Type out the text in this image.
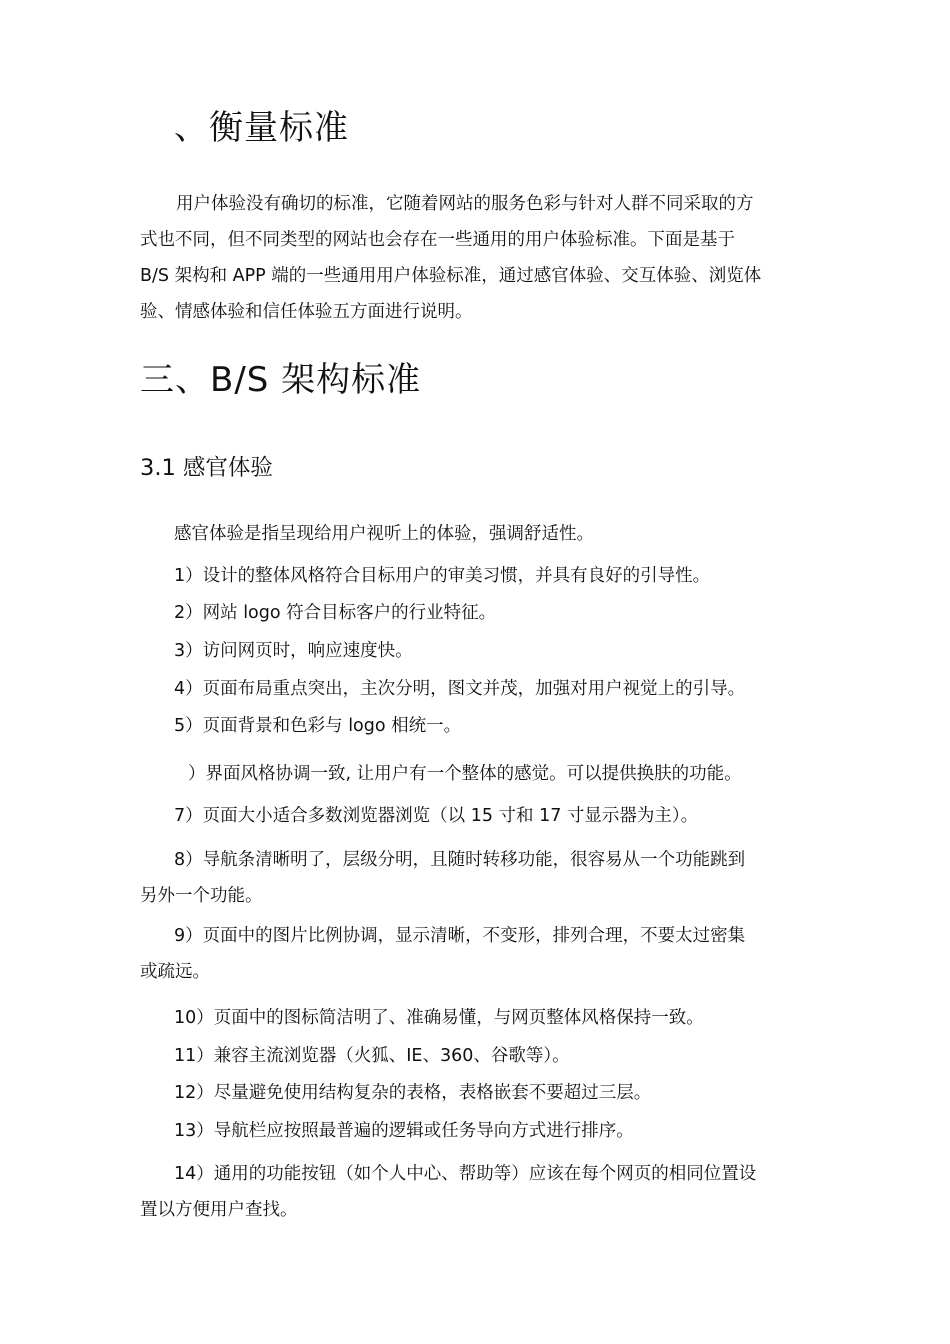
、衡量标准

用户体验没有确切的标准，它随着网站的服务色彩与针对人群不同采取的方
式也不同，但不同类型的网站也会存在一些通用的用户体验标准。下面是基于
B/S 架构和 APP 端的一些通用用户体验标准，通过感官体验、交互体验、浏览体
验、情感体验和信任体验五方面进行说明。

三、B/S 架构标准
3.1 感官体验

感官体验是指呈现给用户视听上的体验，强调舒适性。

1）设计的整体风格符合目标用户的审美习惯，并具有良好的引导性。

2）网站 logo 符合目标客户的行业特征。

3）访问网页时，响应速度快。

4）页面布局重点突出，主次分明，图文并茂，加强对用户视觉上的引导。

5）页面背景和色彩与 logo 相统一。

）界面风格协调一致, 让用户有一个整体的感觉。可以提供换肤的功能。

7）页面大小适合多数浏览器浏览（以 15 寸和 17 寸显示器为主）。

8）导航条清晰明了，层级分明，且随时转移功能，很容易从一个功能跳到
另外一个功能。

9）页面中的图片比例协调，显示清晰，不变形，排列合理，不要太过密集
或疏远。

10）页面中的图标简洁明了、准确易懂，与网页整体风格保持一致。

11）兼容主流浏览器（火狐、IE、360、谷歌等）。

12）尽量避免使用结构复杂的表格，表格嵌套不要超过三层。

13）导航栏应按照最普遍的逻辑或任务导向方式进行排序。

14）通用的功能按钮（如个人中心、帮助等）应该在每个网页的相同位置设
置以方便用户查找。
